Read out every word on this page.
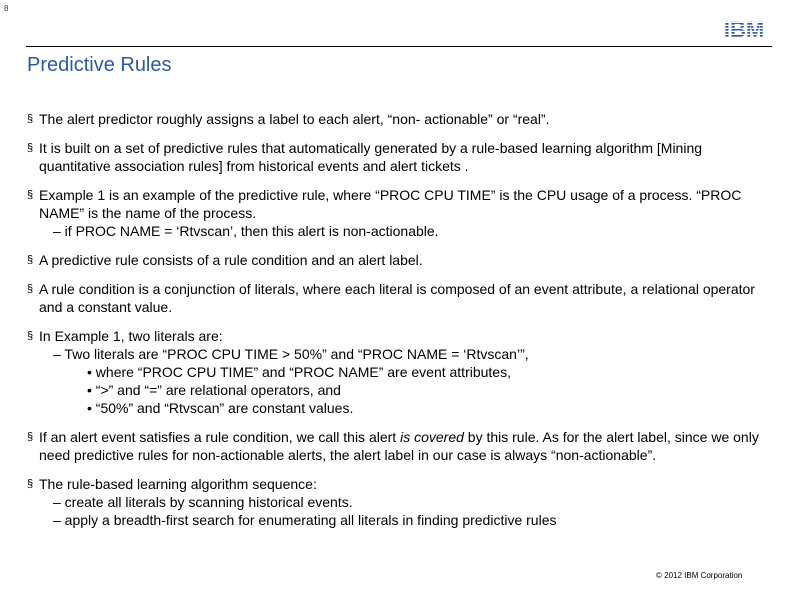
8
IBM
Predictive Rules
§ The alert predictor roughly assigns a label to each alert, “non- actionable” or “real”.
§ It is built on a set of predictive rules that automatically generated by a rule-based learning algorithm [Mining quantitative association rules] from historical events and alert tickets .
§ Example 1 is an example of the predictive rule, where “PROC CPU TIME” is the CPU usage of a process. “PROC NAME” is the name of the process.
– if PROC NAME = ‘Rtvscan’, then this alert is non-actionable.
§ A predictive rule consists of a rule condition and an alert label.
§ A rule condition is a conjunction of literals, where each literal is composed of an event attribute, a relational operator and a constant value.
§ In Example 1, two literals are:
– Two literals are “PROC CPU TIME > 50%” and “PROC NAME = ‘Rtvscan’”,
• where “PROC CPU TIME” and “PROC NAME” are event attributes,
• “>” and “=” are relational operators, and
• “50%” and “Rtvscan” are constant values.
§ If an alert event satisfies a rule condition, we call this alert is covered by this rule. As for the alert label, since we only need predictive rules for non-actionable alerts, the alert label in our case is always “non-actionable”.
§ The rule-based learning algorithm sequence:
– create all literals by scanning historical events.
– apply a breadth-first search for enumerating all literals in finding predictive rules
© 2012 IBM Corporation
